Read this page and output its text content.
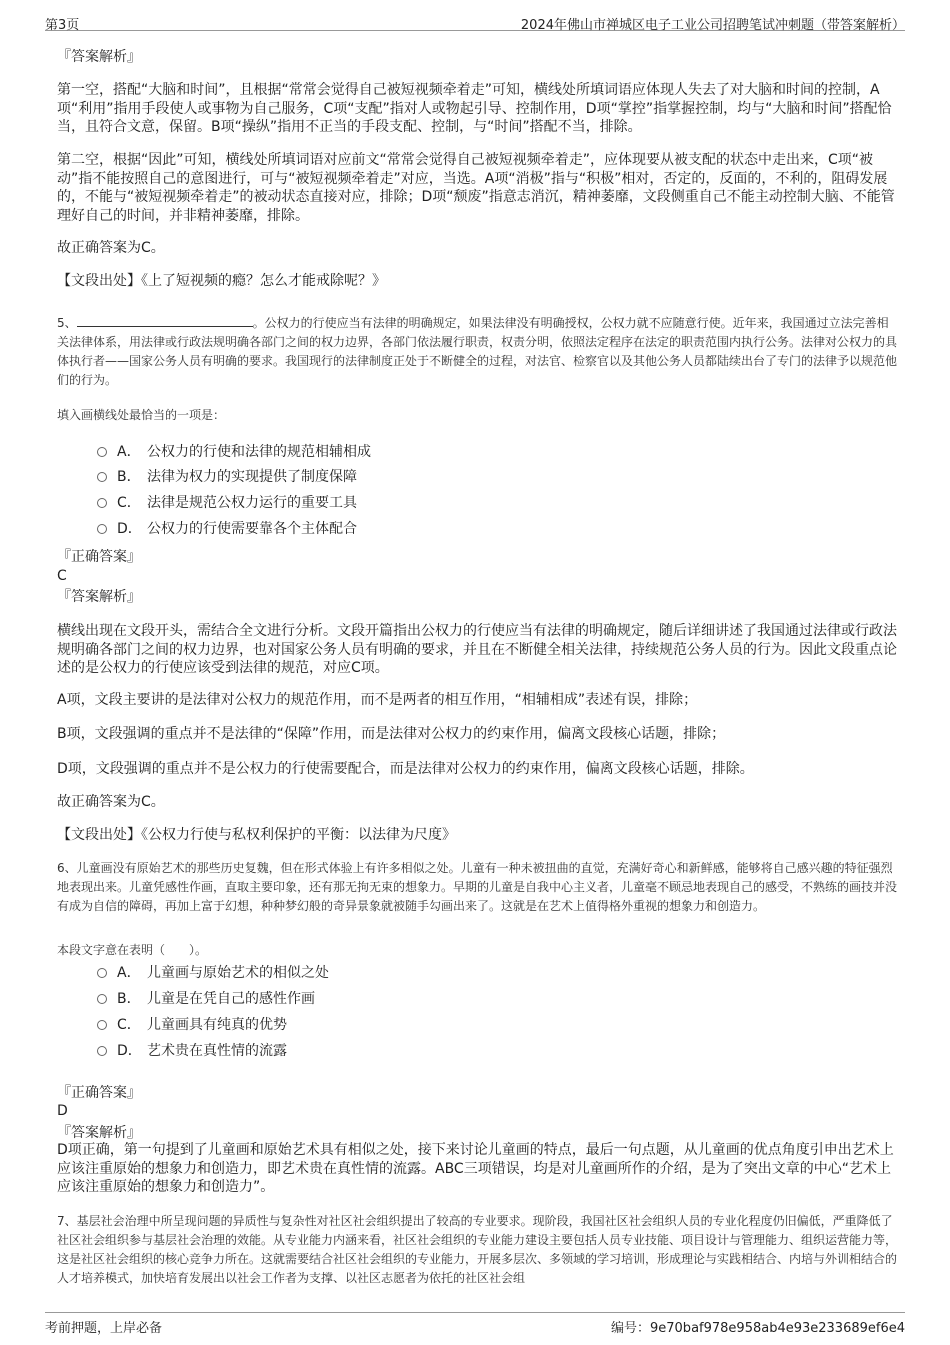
第3页	2024年佛山市禅城区电子工业公司招聘笔试冲刺题（带答案解析）

『答案解析』

第一空，搭配“大脑和时间”，且根据“常常会觉得自己被短视频牵着走”可知，横线处所填词语应体现人失去了对大脑和时间的控制，A项“利用”指用手段使人或事物为自己服务，C项“支配”指对人或物起引导、控制作用，D项“掌控”指掌握控制，均与“大脑和时间”搭配恰当，且符合文意，保留。B项“操纵”指用不正当的手段支配、控制，与“时间”搭配不当，排除。

第二空，根据“因此”可知，横线处所填词语对应前文“常常会觉得自己被短视频牵着走”，应体现要从被支配的状态中走出来，C项“被动”指不能按照自己的意图进行，可与“被短视频牵着走”对应，当选。A项“消极”指与“积极”相对，否定的，反面的，不利的，阻碍发展的，不能与“被短视频牵着走”的被动状态直接对应，排除；D项“颓废”指意志消沉，精神萎靡，文段侧重自己不能主动控制大脑、不能管理好自己的时间，并非精神萎靡，排除。

故正确答案为C。

【文段出处】《上了短视频的瘾？怎么才能戒除呢？》

5、	。公权力的行使应当有法律的明确规定，如果法律没有明确授权，公权力就不应随意行使。近年来，我国通过立法完善相关法律体系，用法律或行政法规明确各部门之间的权力边界，各部门依法履行职责，权责分明，依照法定程序在法定的职责范围内执行公务。法律对公权力的具体执行者——国家公务人员有明确的要求。我国现行的法律制度正处于不断健全的过程，对法官、检察官以及其他公务人员都陆续出台了专门的法律予以规范他们的行为。

填入画横线处最恰当的一项是：

A． 公权力的行使和法律的规范相辅相成
B． 法律为权力的实现提供了制度保障
C． 法律是规范公权力运行的重要工具
D． 公权力的行使需要靠各个主体配合

『正确答案』

C

『答案解析』

横线出现在文段开头，需结合全文进行分析。文段开篇指出公权力的行使应当有法律的明确规定，随后详细讲述了我国通过法律或行政法规明确各部门之间的权力边界，也对国家公务人员有明确的要求，并且在不断健全相关法律，持续规范公务人员的行为。因此文段重点论述的是公权力的行使应该受到法律的规范，对应C项。

A项，文段主要讲的是法律对公权力的规范作用，而不是两者的相互作用，“相辅相成”表述有误，排除；

B项，文段强调的重点并不是法律的“保障”作用，而是法律对公权力的约束作用，偏离文段核心话题，排除；

D项，文段强调的重点并不是公权力的行使需要配合，而是法律对公权力的约束作用，偏离文段核心话题，排除。

故正确答案为C。

【文段出处】《公权力行使与私权利保护的平衡：以法律为尺度》

6、儿童画没有原始艺术的那些历史复魏，但在形式体验上有许多相似之处。儿童有一种未被扭曲的直觉，充满好奇心和新鲜感，能够将自己感兴趣的特征强烈地表现出来。儿童凭感性作画，直取主要印象，还有那无拘无束的想象力。早期的儿童是自我中心主义者，儿童毫不顾忌地表现自己的感受，不熟练的画技并没有成为自信的障碍，再加上富于幻想，种种梦幻般的奇异景象就被随手勾画出来了。这就是在艺术上值得格外重视的想象力和创造力。

本段文字意在表明（　　）。

A． 儿童画与原始艺术的相似之处
B． 儿童是在凭自己的感性作画
C． 儿童画具有纯真的优势
D． 艺术贵在真性情的流露

『正确答案』

D

『答案解析』

D项正确，第一句提到了儿童画和原始艺术具有相似之处，接下来讨论儿童画的特点，最后一句点题，从儿童画的优点角度引申出艺术上应该注重原始的想象力和创造力，即艺术贵在真性情的流露。ABC三项错误，均是对儿童画所作的介绍，是为了突出文章的中心“艺术上应该注重原始的想象力和创造力”。

7、基层社会治理中所呈现问题的异质性与复杂性对社区社会组织提出了较高的专业要求。现阶段，我国社区社会组织人员的专业化程度仍旧偏低，严重降低了社区社会组织参与基层社会治理的效能。从专业能力内涵来看，社区社会组织的专业能力建设主要包括人员专业技能、项目设计与管理能力、组织运营能力等，这是社区社会组织的核心竞争力所在。这就需要结合社区社会组织的专业能力，开展多层次、多领域的学习培训，形成理论与实践相结合、内培与外训相结合的人才培养模式，加快培育发展出以社会工作者为支撑、以社区志愿者为依托的社区社会组

考前押题，上岸必备	编号：9e70baf978e958ab4e93e233689ef6e4
